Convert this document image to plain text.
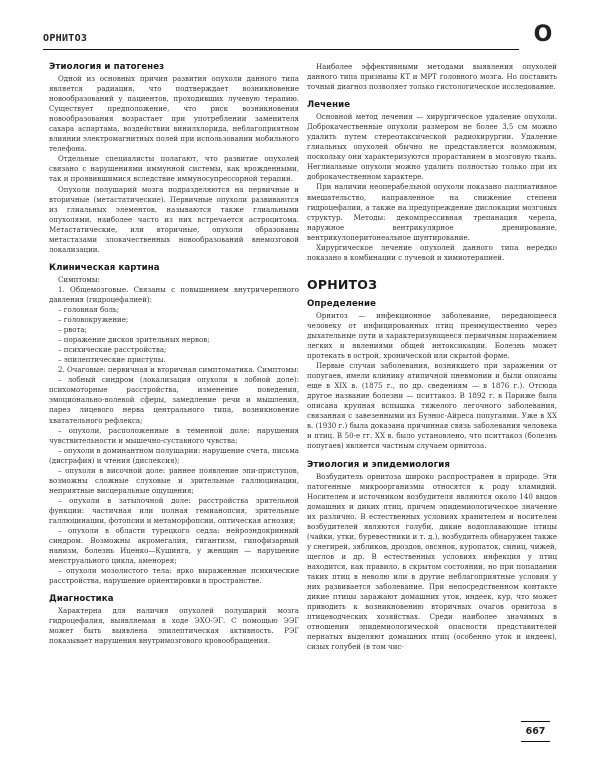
ОРНИТОЗ	О
Этиология и патогенез

Одной из основных причин развития опухоли данного типа является радиация, что подтверждает возникновение новообразований у пациентов, проходивших лучевую терапию. Существует предположение, что риск возникновения новообразования возрастает при употреблении заменителя сахара аспартама, воздействии винилхлорида, неблагоприятном влиянии электромагнитных полей при использовании мобильного телефона.

Отдельные специалисты полагают, что развитие опухолей связано с нарушениями иммунной системы, как врожденными, так и проявившимися вследствие иммуносупрессорной терапии.

Опухоли полушарий мозга подразделяются на первичные и вторичные (метастатические). Первичные опухоли развиваются из глиальных элементов, называются также глиальными опухолями, наиболее часто из них встречается астроцитома. Метастатические, или вторичные, опухоли образованы метастазами злокачественных новообразований внемозговой локализации.

Клиническая картина

Симптомы:

1. Общемозговые. Связаны с повышением внутричерепного давления (гидроцефалией):

– головная боль;

– головокружение;

– рвота;

– поражение дисков зрительных нервов;

– психические расстройства;

– эпилептические приступы.

2. Очаговые: первичная и вторичная симптоматика. Симптомы:

– лобный синдром (локализация опухоли в лобной доле): психомоторные расстройства, изменение поведения, эмоционально-волевой сферы, замедление речи и мышления, парез лицевого нерва центрального типа, возникновение хватательного рефлекса;

– опухоли, расположенные в теменной доле: нарушения чувствительности и мышечно-суставного чувства;

– опухоли в доминантном полушарии: нарушение счета, письма (дисграфия) и чтения (дислексия);

– опухоли в височной доле: раннее появление эпи-приступов, возможны сложные слуховые и зрительные галлюцинации, неприятные висцеральные ощущения;

– опухоли в затылочной доле: расстройства зрительной функции: частичная или полная гемианопсия, зрительные галлюцинации, фотопсии и метаморфопсии, оптическая агнозия;

– опухоли в области турецкого седла: нейроэндокринный синдром. Возможны акромегалия, гигантизм, гипофизарный нанизм, болезнь Иценко—Кушинга, у женщин — нарушение менструального цикла, аменорея;

– опухоли мозолистого тела: ярко выраженные психические расстройства, нарушение ориентировки в пространстве.

Диагностика

Характерна для наличия опухолей полушарий мозга гидроцефалия, выявляемая в ходе ЭХО-ЭГ. С помощью ЭЭГ может быть выявлена эпилептическая активность. РЭГ показывает нарушения внутримозгового кровообращения.

Наиболее эффективными методами выявления опухолей данного типа признаны КТ и МРТ головного мозга. Но поставить точный диагноз позволяет только гистологическое исследование.

Лечение

Основной метод лечения — хирургическое удаление опухоли. Доброкачественные опухоли размером не более 3,5 см можно удалить путем стереотаксической радиохирургии. Удаление глиальных опухолей обычно не представляется возможным, поскольку они характеризуются прорастанием в мозговую ткань. Неглиальные опухоли можно удалить полностью только при их доброкачественном характере.

При наличии неоперабельной опухоли показано паллиативное вмешательство, направленное на снижение степени гидроцефалии, а также на предупреждение дислокации мозговых структур. Методы: декомпрессивная трепанация черепа, наружное вентрикулярное дренирование, вентрикулоперитонеальное шунтирование.

Хирургическое лечение опухолей данного типа нередко показано в комбинации с лучевой и химиотерапией.

ОРНИТОЗ
Определение

Орнитоз — инфекционное заболевание, передающееся человеку от инфицированных птиц преимущественно через дыхательные пути и характеризующееся первичным поражением легких и явлениями общей интоксикации. Болезнь может протекать в острой, хронической или скрытой форме.

Первые случаи заболевания, возникшего при заражении от попугаев, имели клинику атипичной пневмонии и были описаны еще в XIX в. (1875 г., по др. сведениям — в 1876 г.). Отсюда другое название болезни — пситтакоз. В 1892 г. в Париже была описана крупная вспышка тяжелого легочного заболевания, связанная с завезенными из Буэнос-Айреса попугаями. Уже в XX в. (1930 г.) была доказана причинная связь заболевания человека и птиц. В 50-е гг. XX в. было установлено, что пситтакоз (болезнь попугаев) является частным случаем орнитоза.

Этиология и эпидемиология

Возбудитель орнитоза широко распространен в природе. Эти патогенные микроорганизмы относятся к роду хламидий. Носителем и источником возбудителя являются около 140 видов домашних и диких птиц, причем эпидемиологическое значение их различно. В естественных условиях хранителем и носителем возбудителей являются голуби, дикие водоплавающие птицы (чайки, утки, буревестники и т. д.), возбудитель обнаружен также у снегирей, зябликов, дроздов, овсянок, куропаток, синиц, чижей, щеглов и др. В естественных условиях инфекция у птиц находится, как правило, в скрытом состоянии, но при попадании таких птиц в неволю или в другие неблагоприятные условия у них развивается заболевание. При непосредственном контакте дикие птицы заражают домашних уток, индеек, кур, что может приводить к возникновению вторичных очагов орнитоза в птицеводческих хозяйствах. Среди наиболее значимых в отношении эпидемиологической опасности представителей пернатых выделяют домашних птиц (особенно уток и индеек), сизых голубей (в том чис-

667
